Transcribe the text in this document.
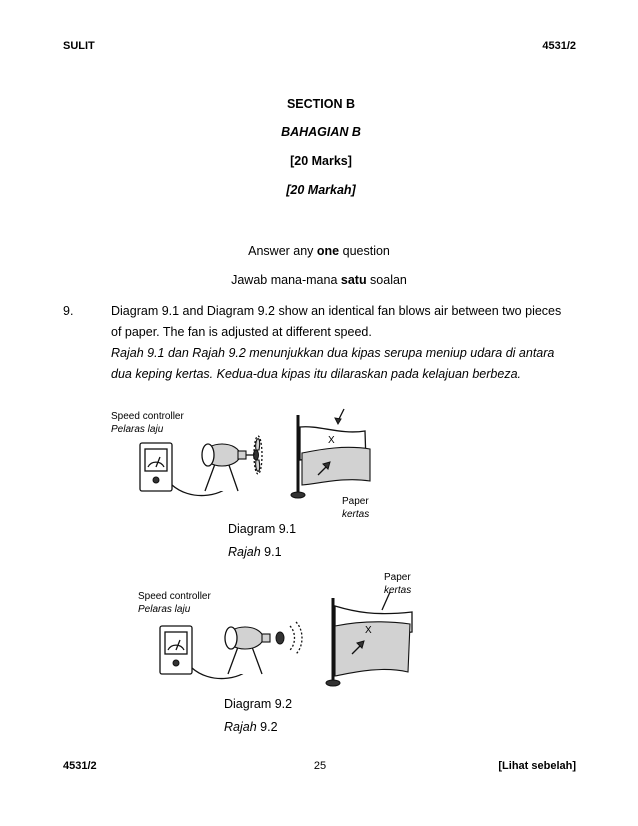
SULIT	4531/2
SECTION B
BAHAGIAN B
[20 Marks]
[20 Markah]
Answer any one question
Jawab mana-mana satu soalan
9.	Diagram 9.1 and Diagram 9.2 show an identical fan blows air between two pieces
of paper. The fan is adjusted at different speed.
Rajah 9.1 dan Rajah 9.2 menunjukkan dua kipas serupa meniup udara di antara
dua keping kertas. Kedua-dua kipas itu dilaraskan pada kelajuan berbeza.
Speed controller
Pelaras laju
Paper
kertas
X
Diagram 9.1
Rajah 9.1
Paper
kertas
Speed controller
Pelaras laju
X
Diagram 9.2
Rajah 9.2
4531/2	25	[Lihat sebelah]
